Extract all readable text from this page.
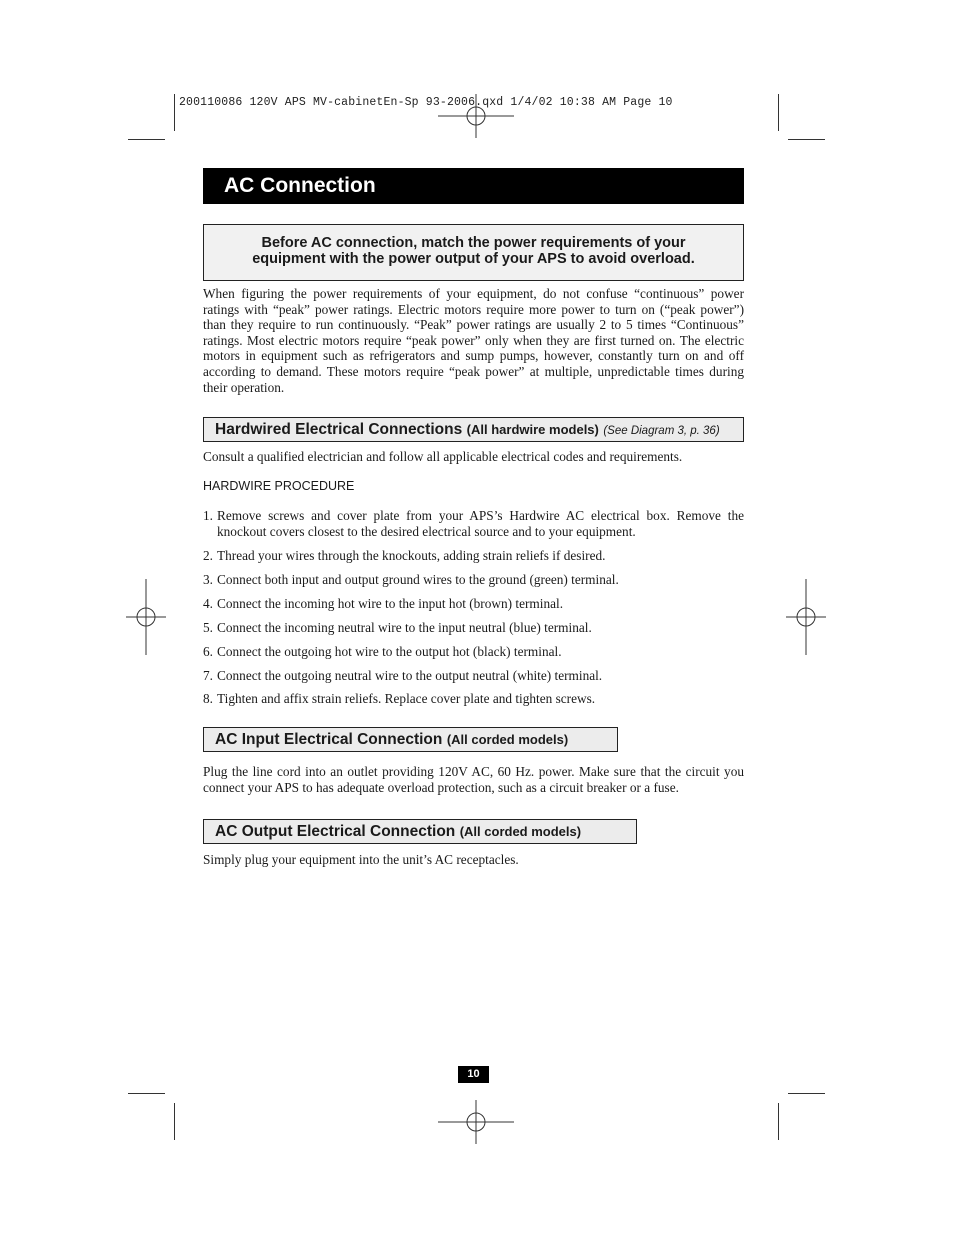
200110086 120V APS MV-cabinetEn-Sp 93-2006.qxd 1/4/02 10:38 AM Page 10
AC Connection
Before AC connection, match the power requirements of your
equipment with the power output of your APS to avoid overload.
When figuring the power requirements of your equipment, do not confuse “continuous” power ratings with “peak” power ratings. Electric motors require more power to turn on (“peak power”) than they require to run continuously. “Peak” power ratings are usually 2 to 5 times “Continuous” ratings. Most electric motors require “peak power” only when they are first turned on. The electric motors in equipment such as refrigerators and sump pumps, however, constantly turn on and off according to demand. These motors require “peak power” at multiple, unpredictable times during their operation.
Hardwired Electrical Connections (All hardwire models) (See Diagram 3, p. 36)
Consult a qualified electrician and follow all applicable electrical codes and requirements.
HARDWIRE PROCEDURE
1. Remove screws and cover plate from your APS’s Hardwire AC electrical box. Remove the knockout covers closest to the desired electrical source and to your equipment.
2. Thread your wires through the knockouts, adding strain reliefs if desired.
3. Connect both input and output ground wires to the ground (green) terminal.
4. Connect the incoming hot wire to the input hot (brown) terminal.
5. Connect the incoming neutral wire to the input neutral (blue) terminal.
6. Connect the outgoing hot wire to the output hot (black) terminal.
7. Connect the outgoing neutral wire to the output neutral (white) terminal.
8. Tighten and affix strain reliefs. Replace cover plate and tighten screws.
AC Input Electrical Connection (All corded models)
Plug the line cord into an outlet providing 120V AC, 60 Hz. power. Make sure that the circuit you connect your APS to has adequate overload protection, such as a circuit breaker or a fuse.
AC Output Electrical Connection (All corded models)
Simply plug your equipment into the unit’s AC receptacles.
10
